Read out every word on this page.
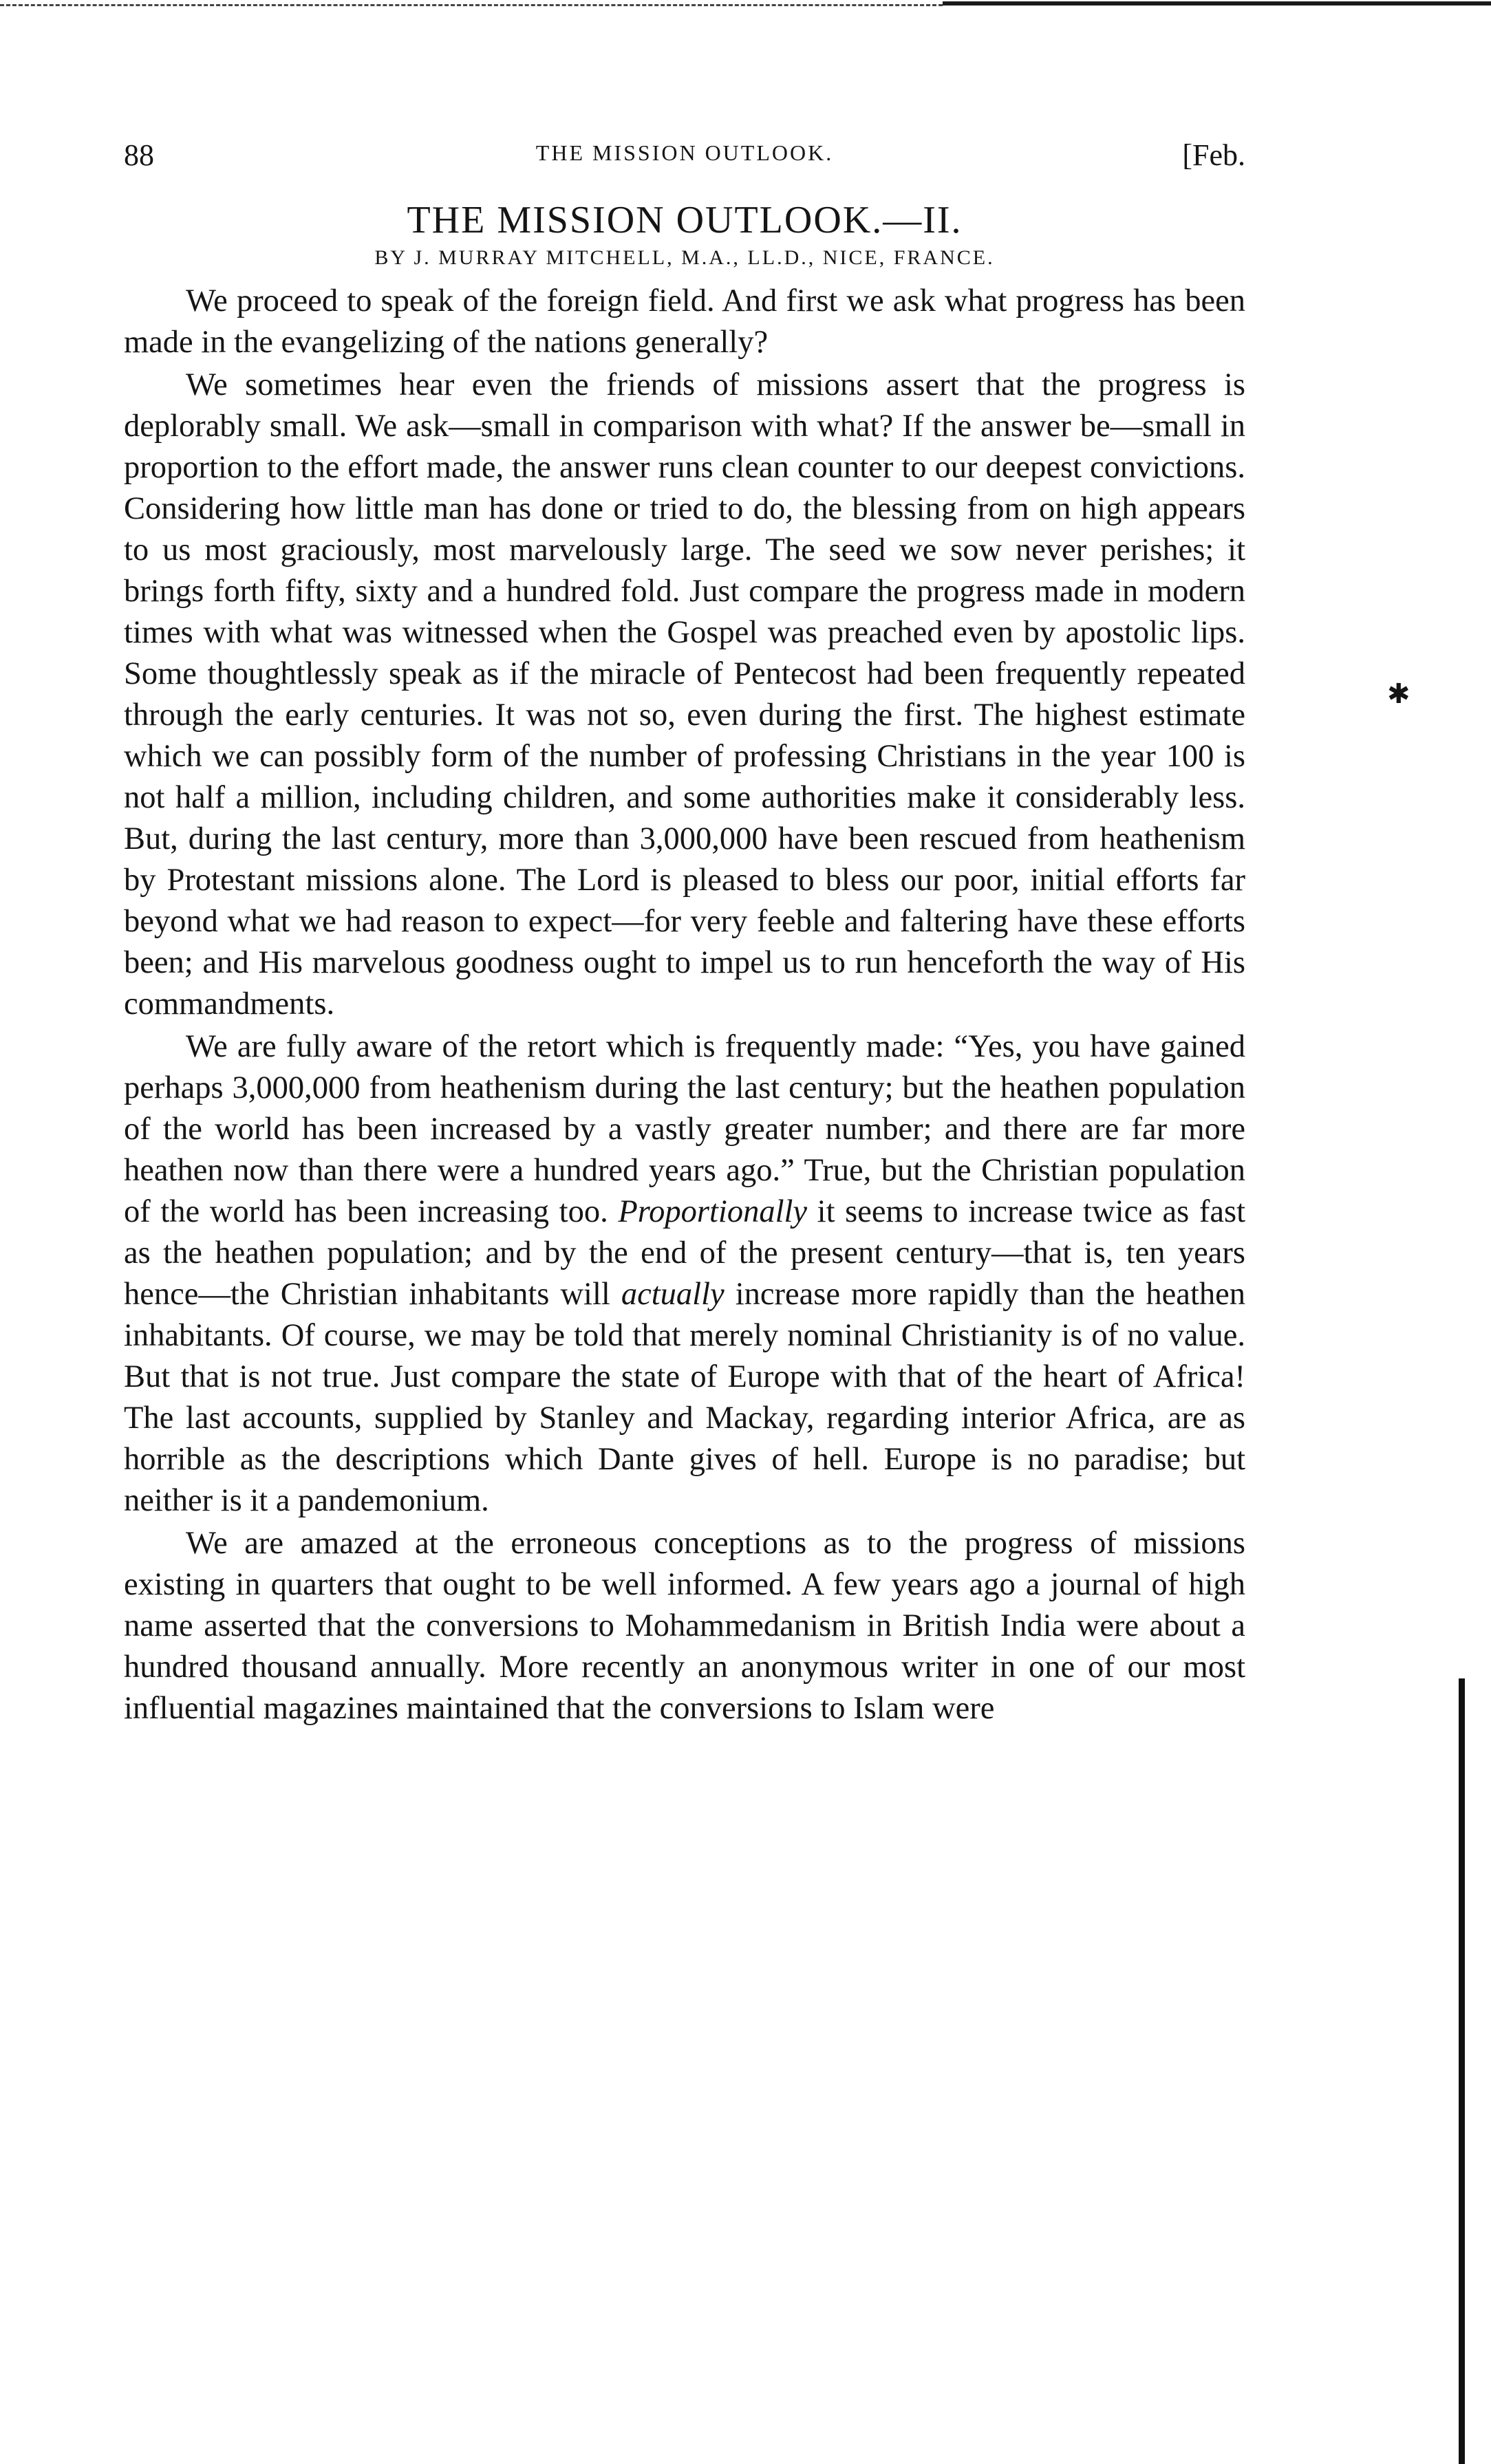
88	THE MISSION OUTLOOK.	[Feb.
THE MISSION OUTLOOK.—II.
BY J. MURRAY MITCHELL, M.A., LL.D., NICE, FRANCE.

We proceed to speak of the foreign field. And first we ask what progress has been made in the evangelizing of the nations generally?

We sometimes hear even the friends of missions assert that the progress is deplorably small. We ask—small in comparison with what? If the answer be—small in proportion to the effort made, the answer runs clean counter to our deepest convictions. Considering how little man has done or tried to do, the blessing from on high appears to us most graciously, most marvelously large. The seed we sow never perishes; it brings forth fifty, sixty and a hundred fold. Just compare the progress made in modern times with what was witnessed when the Gospel was preached even by apostolic lips. Some thoughtlessly speak as if the miracle of Pentecost had been frequently repeated through the early centuries. It was not so, even during the first. The highest estimate which we can possibly form of the number of professing Christians in the year 100 is not half a million, including children, and some authorities make it considerably less. But, during the last century, more than 3,000,000 have been rescued from heathenism by Protestant missions alone. The Lord is pleased to bless our poor, initial efforts far beyond what we had reason to expect—for very feeble and faltering have these efforts been; and His marvelous goodness ought to impel us to run henceforth the way of His commandments.

We are fully aware of the retort which is frequently made: “Yes, you have gained perhaps 3,000,000 from heathenism during the last century; but the heathen population of the world has been increased by a vastly greater number; and there are far more heathen now than there were a hundred years ago.” True, but the Christian population of the world has been increasing too. Proportionally it seems to increase twice as fast as the heathen population; and by the end of the present century—that is, ten years hence—the Christian inhabitants will actually increase more rapidly than the heathen inhabitants. Of course, we may be told that merely nominal Christianity is of no value. But that is not true. Just compare the state of Europe with that of the heart of Africa! The last accounts, supplied by Stanley and Mackay, regarding interior Africa, are as horrible as the descriptions which Dante gives of hell. Europe is no paradise; but neither is it a pandemonium.

We are amazed at the erroneous conceptions as to the progress of missions existing in quarters that ought to be well informed. A few years ago a journal of high name asserted that the conversions to Mohammedanism in British India were about a hundred thousand annually. More recently an anonymous writer in one of our most influential magazines maintained that the conversions to Islam were

✱
